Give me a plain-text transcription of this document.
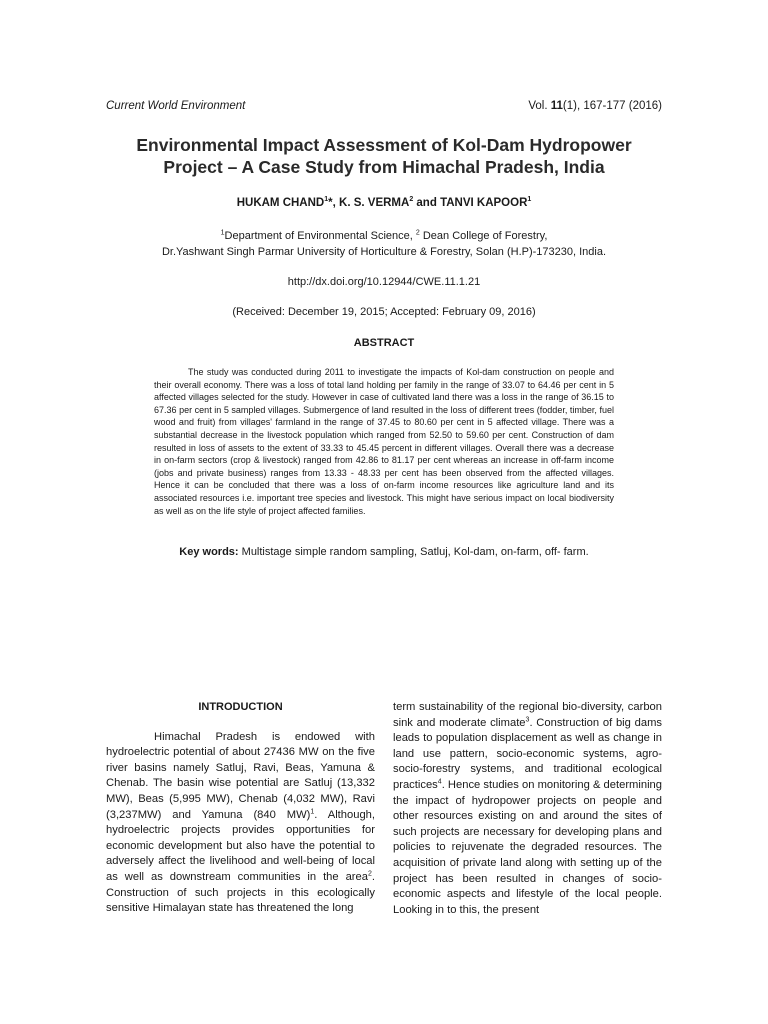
Current World Environment	Vol. 11(1), 167-177 (2016)
Environmental Impact Assessment of Kol-Dam Hydropower
Project – A Case Study from Himachal Pradesh, India
HUKAM CHAND$^1$*, K. S. VERMA$^2$ and TANVI KAPOOR$^1$
$^1$Department of Environmental Science, $^2$ Dean College of Forestry,
Dr.Yashwant Singh Parmar University of Horticulture & Forestry, Solan (H.P)-173230, India.
http://dx.doi.org/10.12944/CWE.11.1.21
(Received: December 19, 2015; Accepted: February 09, 2016)
ABSTRACT
The study was conducted during 2011 to investigate the impacts of Kol-dam construction on people and their overall economy. There was a loss of total land holding per family in the range of 33.07 to 64.46 per cent in 5 affected villages selected for the study. However in case of cultivated land there was a loss in the range of 36.15 to 67.36 per cent in 5 sampled villages. Submergence of land resulted in the loss of different trees (fodder, timber, fuel wood and fruit) from villages' farmland in the range of 37.45 to 80.60 per cent in 5 affected village. There was a substantial decrease in the livestock population which ranged from 52.50 to 59.60 per cent. Construction of dam resulted in loss of assets to the extent of 33.33 to 45.45 percent in different villages. Overall there was a decrease in on-farm sectors (crop & livestock) ranged from 42.86 to 81.17 per cent whereas an increase in off-farm income (jobs and private business) ranges from 13.33 - 48.33 per cent has been observed from the affected villages. Hence it can be concluded that there was a loss of on-farm income resources like agriculture land and its associated resources i.e. important tree species and livestock. This might have serious impact on local biodiversity as well as on the life style of project affected families.
Key words: Multistage simple random sampling, Satluj, Kol-dam, on-farm, off- farm.
INTRODUCTION

Himachal Pradesh is endowed with hydroelectric potential of about 27436 MW on the five river basins namely Satluj, Ravi, Beas, Yamuna & Chenab. The basin wise potential are Satluj (13,332 MW), Beas (5,995 MW), Chenab (4,032 MW), Ravi (3,237MW) and Yamuna (840 MW)$^1$. Although, hydroelectric projects provides opportunities for economic development but also have the potential to adversely affect the livelihood and well-being of local as well as downstream communities in the area$^2$. Construction of such projects in this ecologically sensitive Himalayan state has threatened the long

term sustainability of the regional bio-diversity, carbon sink and moderate climate$^3$. Construction of big dams leads to population displacement as well as change in land use pattern, socio-economic systems, agro-socio-forestry systems, and traditional ecological practices$^4$. Hence studies on monitoring & determining the impact of hydropower projects on people and other resources existing on and around the sites of such projects are necessary for developing plans and policies to rejuvenate the degraded resources. The acquisition of private land along with setting up of the project has been resulted in changes of socio-economic aspects and lifestyle of the local people. Looking in to this, the present
